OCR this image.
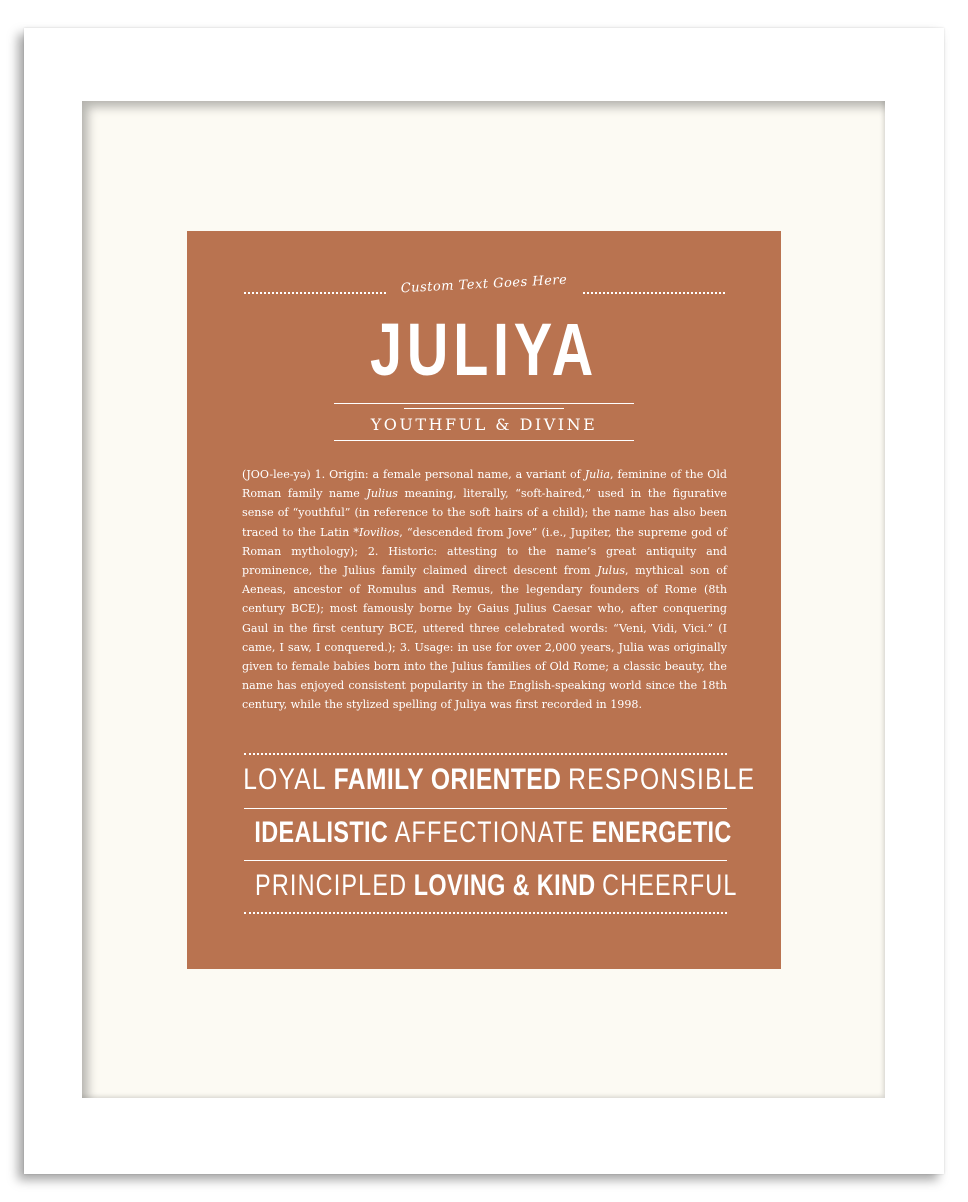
Custom Text Goes Here
JULIYA
YOUTHFUL & DIVINE

(JOO-lee-yə) 1. Origin: a female personal name, a variant of Julia, feminine of the Old Roman family name Julius meaning, literally, “soft-haired,” used in the figurative sense of “youthful” (in reference to the soft hairs of a child); the name has also been traced to the Latin *Iovilios, “descended from Jove” (i.e., Jupiter, the supreme god of Roman mythology); 2. Historic: attesting to the name’s great antiquity and prominence, the Julius family claimed direct descent from Julus, mythical son of Aeneas, ancestor of Romulus and Remus, the legendary founders of Rome (8th century BCE); most famously borne by Gaius Julius Caesar who, after conquering Gaul in the first century BCE, uttered three celebrated words: “Veni, Vidi, Vici.” (I came, I saw, I conquered.); 3. Usage: in use for over 2,000 years, Julia was originally given to female babies born into the Julius families of Old Rome; a classic beauty, the name has enjoyed consistent popularity in the English-speaking world since the 18th century, while the stylized spelling of Juliya was first recorded in 1998.

LOYAL FAMILY ORIENTED RESPONSIBLE
IDEALISTIC AFFECTIONATE ENERGETIC
PRINCIPLED LOVING & KIND CHEERFUL
